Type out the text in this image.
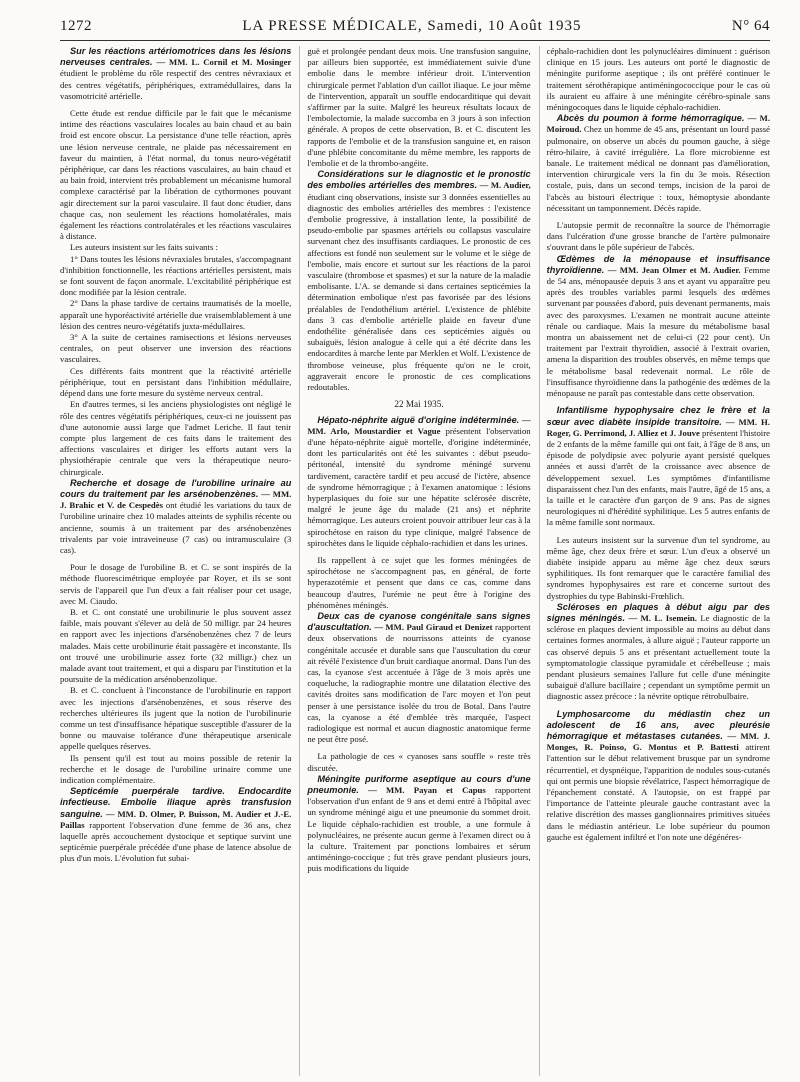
1272	LA PRESSE MÉDICALE, Samedi, 10 Août 1935	N° 64

Sur les réactions artériomotrices dans les lésions nerveuses centrales. — MM. L. Cornil et M. Mosinger étudient le problème du rôle respectif des centres névraxiaux et des centres végétatifs, périphériques, extramédullaires, dans la vasomotricité artérielle.

Cette étude est rendue difficile par le fait que le mécanisme intime des réactions vasculaires locales au bain chaud et au bain froid est encore obscur. La persistance d'une telle réaction, après une lésion nerveuse centrale, ne plaide pas nécessairement en faveur du maintien, à l'état normal, du tonus neuro-végétatif périphérique, car dans les réactions vasculaires, au bain chaud et au bain froid, intervient très probablement un mécanisme humoral complexe caractérisé par la libération de cythormones pouvant agir directement sur la paroi vasculaire. Il faut donc étudier, dans chaque cas, non seulement les réactions homolatérales, mais également les réactions controlatérales et les réactions vasculaires à distance.

Les auteurs insistent sur les faits suivants :

1° Dans toutes les lésions névraxiales brutales, s'accompagnant d'inhibition fonctionnelle, les réactions artérielles persistent, mais se font souvent de façon anormale. L'excitabilité périphérique est donc modifiée par la lésion centrale.

2° Dans la phase tardive de certains traumatisés de la moelle, apparaît une hyporéactivité artérielle due vraisemblablement à une lésion des centres neuro-végétatifs juxta-médullaires.

3° A la suite de certaines ramisections et lésions nerveuses centrales, on peut observer une inversion des réactions vasculaires.

Ces différents faits montrent que la réactivité artérielle périphérique, tout en persistant dans l'inhibition médullaire, dépend dans une forte mesure du système nerveux central.

En d'autres termes, si les anciens physiologistes ont négligé le rôle des centres végétatifs périphériques, ceux-ci ne jouissent pas d'une autonomie aussi large que l'admet Leriche. Il faut tenir compte plus largement de ces faits dans le traitement des affections vasculaires et diriger les efforts autant vers la physiothérapie centrale que vers la thérapeutique neuro-chirurgicale.

Recherche et dosage de l'urobiline urinaire au cours du traitement par les arsénobenzènes. — MM. J. Brahic et V. de Cespedès ont étudié les variations du taux de l'urobiline urinaire chez 10 malades atteints de syphilis récente ou ancienne, soumis à un traitement par des arsénobenzènes trivalents par voie intraveineuse (7 cas) ou intramusculaire (3 cas).

Pour le dosage de l'urobiline B. et C. se sont inspirés de la méthode fluorescimétrique employée par Royer, et ils se sont servis de l'appareil que l'un d'eux a fait réaliser pour cet usage, avec M. Ciaudo.

B. et C. ont constaté une urobilinurie le plus souvent assez faible, mais pouvant s'élever au delà de 50 milligr. par 24 heures en rapport avec les injections d'arsénobenzènes chez 7 de leurs malades. Mais cette urobilinurie était passagère et inconstante. Ils ont trouvé une urobilinurie assez forte (32 milligr.) chez un malade avant tout traitement, et qui a disparu par l'institution et la poursuite de la médication arsénobenzolique.

B. et C. concluent à l'inconstance de l'urobilinurie en rapport avec les injections d'arsénobenzènes, et sous réserve des recherches ultérieures ils jugent que la notion de l'urobilinurie comme un test d'insuffisance hépatique susceptible d'assurer de la bonne ou mauvaise tolérance d'une thérapeutique arsenicale appelle quelques réserves.

Ils pensent qu'il est tout au moins possible de retenir la recherche et le dosage de l'urobiline urinaire comme une indication complémentaire.

Septicémie puerpérale tardive. Endocardite infectieuse. Embolie iliaque après transfusion sanguine. — MM. D. Olmer, P. Buisson, M. Audier et J.-E. Paillas rapportent l'observation d'une femme de 36 ans, chez laquelle après accouchement dystocique et septique survint une septicémie puerpérale précédée d'une phase de latence absolue de plus d'un mois. L'évolution fut subai-

guë et prolongée pendant deux mois. Une transfusion sanguine, par ailleurs bien supportée, est immédiatement suivie d'une embolie dans le membre inférieur droit. L'intervention chirurgicale permet l'ablation d'un caillot iliaque. Le jour même de l'intervention, apparaît un souffle endocarditique qui devait s'affirmer par la suite. Malgré les heureux résultats locaux de l'embolectomie, la malade succomba en 3 jours à son infection générale. A propos de cette observation, B. et C. discutent les rapports de l'embolie et de la transfusion sanguine et, en raison d'une phlébite concomitante du même membre, les rapports de l'embolie et de la thrombo-angéite.

Considérations sur le diagnostic et le pronostic des embolies artérielles des membres. — M. Audier, étudiant cinq observations, insiste sur 3 données essentielles au diagnostic des embolies artérielles des membres : l'existence d'embolie progressive, à installation lente, la possibilité de pseudo-embolie par spasmes artériels ou collapsus vasculaire survenant chez des insuffisants cardiaques. Le pronostic de ces affections est fondé non seulement sur le volume et le siège de l'embolie, mais encore et surtout sur les réactions de la paroi vasculaire (thrombose et spasmes) et sur la nature de la maladie embolisante. L'A. se demande si dans certaines septicémies la détermination embolique n'est pas favorisée par des lésions préalables de l'endothélium artériel. L'existence de phlébite dans 3 cas d'embolie artérielle plaide en faveur d'une endothélite généralisée dans ces septicémies aiguës ou subaiguës, lésion analogue à celle qui a été décrite dans les endocardites à marche lente par Merklen et Wolf. L'existence de thrombose veineuse, plus fréquente qu'on ne le croit, aggraverait encore le pronostic de ces complications redoutables.

22 Mai 1935.

Hépato-néphrite aiguë d'origine indéterminée. — MM. Arlo, Moustardier et Vague présentent l'observation d'une hépato-néphrite aiguë mortelle, d'origine indéterminée, dont les particularités ont été les suivantes : début pseudo-péritonéal, intensité du syndrome méningé survenu tardivement, caractère tardif et peu accusé de l'ictère, absence de syndrome hémorragique ; à l'examen anatomique : lésions hyperplasiques du foie sur une hépatite sclérosée discrète, malgré le jeune âge du malade (21 ans) et néphrite hémorragique. Les auteurs croient pouvoir attribuer leur cas à la spirochétose en raison du type clinique, malgré l'absence de spirochètes dans le liquide céphalo-rachidien et dans les urines.

Ils rappellent à ce sujet que les formes méningées de spirochétose ne s'accompagnent pas, en général, de forte hyperazotémie et pensent que dans ce cas, comme dans beaucoup d'autres, l'urémie ne peut être à l'origine des phénomènes méningés.

Deux cas de cyanose congénitale sans signes d'auscultation. — MM. Paul Giraud et Denizet rapportent deux observations de nourrissons atteints de cyanose congénitale accusée et durable sans que l'auscultation du cœur ait révélé l'existence d'un bruit cardiaque anormal. Dans l'un des cas, la cyanose s'est accentuée à l'âge de 3 mois après une coqueluche, la radiographie montre une dilatation élective des cavités droites sans modification de l'arc moyen et l'on peut penser à une persistance isolée du trou de Botal. Dans l'autre cas, la cyanose a été d'emblée très marquée, l'aspect radiologique est normal et aucun diagnostic anatomique ferme ne peut être posé.

La pathologie de ces « cyanoses sans souffle » reste très discutée.

Méningite puriforme aseptique au cours d'une pneumonie. — MM. Payan et Capus rapportent l'observation d'un enfant de 9 ans et demi entré à l'hôpital avec un syndrome méningé aigu et une pneumonie du sommet droit. Le liquide céphalo-rachidien est trouble, a une formule à polynucléaires, ne présente aucun germe à l'examen direct ou à la culture. Traitement par ponctions lombaires et sérum antiméningo-coccique ; fut très grave pendant plusieurs jours, puis modifications du liquide

céphalo-rachidien dont les polynucléaires diminuent : guérison clinique en 15 jours. Les auteurs ont porté le diagnostic de méningite puriforme aseptique ; ils ont préféré continuer le traitement sérothérapique antiméningococcique pour le cas où ils auraient eu affaire à une méningite cérébro-spinale sans méningocoques dans le liquide céphalo-rachidien.

Abcès du poumon à forme hémorragique. — M. Moiroud. Chez un homme de 45 ans, présentant un lourd passé pulmonaire, on observe un abcès du poumon gauche, à siège rétro-hilaire, à cavité irrégulière. La flore microbienne est banale. Le traitement médical ne donnant pas d'amélioration, intervention chirurgicale vers la fin du 3e mois. Résection costale, puis, dans un second temps, incision de la paroi de l'abcès au bistouri électrique : toux, hémoptysie abondante nécessitant un tamponnement. Décès rapide.

L'autopsie permit de reconnaître la source de l'hémorragie dans l'ulcération d'une grosse branche de l'artère pulmonaire s'ouvrant dans le pôle supérieur de l'abcès.

Œdèmes de la ménopause et insuffisance thyroïdienne. — MM. Jean Olmer et M. Audier. Femme de 54 ans, ménopausée depuis 3 ans et ayant vu apparaître peu après des troubles variables parmi lesquels des œdèmes survenant par poussées d'abord, puis devenant permanents, mais avec des paroxysmes. L'examen ne montrait aucune atteinte rénale ou cardiaque. Mais la mesure du métabolisme basal montra un abaissement net de celui-ci (22 pour cent). Un traitement par l'extrait thyroïdien, associé à l'extrait ovarien, amena la disparition des troubles observés, en même temps que le métabolisme basal redevenait normal. Le rôle de l'insuffisance thyroïdienne dans la pathogénie des œdèmes de la ménopause ne paraît pas contestable dans cette observation.

Infantilisme hypophysaire chez le frère et la sœur avec diabète insipide transitoire. — MM. H. Roger, G. Perrimond, J. Alliez et J. Jouve présentent l'histoire de 2 enfants de la même famille qui ont fait, à l'âge de 8 ans, un épisode de polydipsie avec polyurie ayant persisté quelques années et aussi d'arrêt de la croissance avec absence de développement sexuel. Les symptômes d'infantilisme disparaissent chez l'un des enfants, mais l'autre, âgé de 15 ans, a la taille et le caractère d'un garçon de 9 ans. Pas de signes neurologiques ni d'hérédité syphilitique. Les 5 autres enfants de la même famille sont normaux.

Les auteurs insistent sur la survenue d'un tel syndrome, au même âge, chez deux frère et sœur. L'un d'eux a observé un diabète insipide apparu au même âge chez deux sœurs syphilitiques. Ils font remarquer que le caractère familial des syndromes hypophysaires est rare et concerne surtout des dystrophies du type Babinski-Frœhlich.

Scléroses en plaques à début aigu par des signes méningés. — M. L. Isemein. Le diagnostic de la sclérose en plaques devient impossible au moins au début dans certaines formes anormales, à allure aiguë ; l'auteur rapporte un cas observé depuis 5 ans et présentant actuellement toute la symptomatologie classique pyramidale et cérébelleuse ; mais pendant plusieurs semaines l'allure fut celle d'une méningite subaiguë d'allure bacillaire ; cependant un symptôme permit un diagnostic assez précoce : la névrite optique rétrobulbaire.

Lymphosarcome du médiastin chez un adolescent de 16 ans, avec pleurésie hémorragique et métastases cutanées. — MM. J. Monges, R. Poinso, G. Montus et P. Battesti attirent l'attention sur le début relativement brusque par un syndrome récurrentiel, et dyspnéique, l'apparition de nodules sous-cutanés qui ont permis une biopsie révélatrice, l'aspect hémorragique de l'épanchement constaté. A l'autopsie, on est frappé par l'importance de l'atteinte pleurale gauche contrastant avec la relative discrétion des masses ganglionnaires primitives situées dans le médiastin antérieur. Le lobe supérieur du poumon gauche est également infiltré et l'on note une dégénéres-
